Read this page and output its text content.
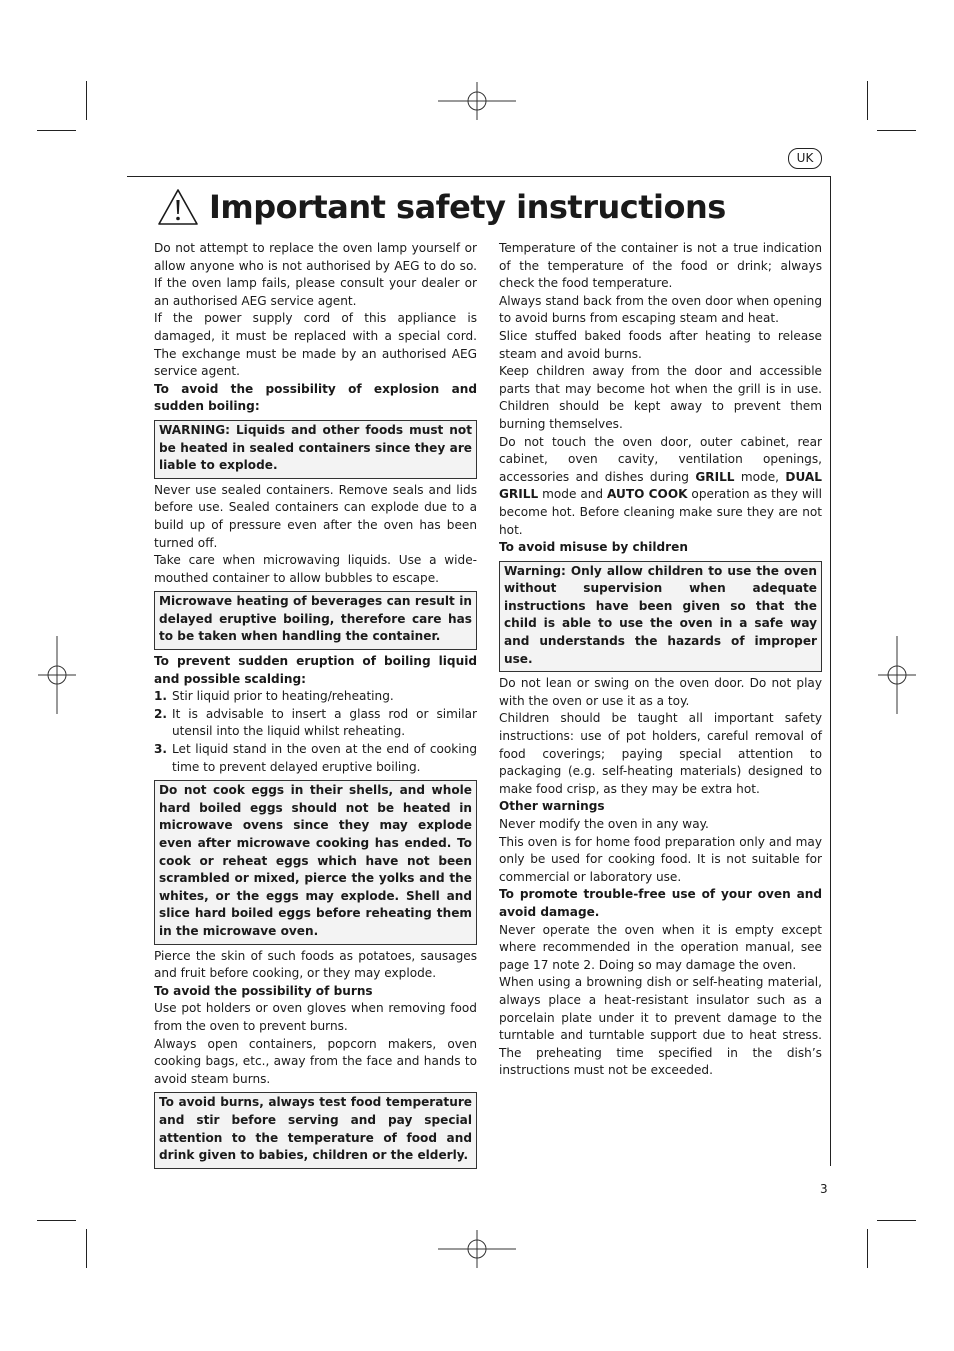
UK
Important safety instructions

Do not attempt to replace the oven lamp yourself or allow anyone who is not authorised by AEG to do so. If the oven lamp fails, please consult your dealer or an authorised AEG service agent.

If the power supply cord of this appliance is damaged, it must be replaced with a special cord. The exchange must be made by an authorised AEG service agent.

To avoid the possibility of explosion and sudden boiling:

WARNING: Liquids and other foods must not be heated in sealed containers since they are liable to explode.

Never use sealed containers. Remove seals and lids before use. Sealed containers can explode due to a build up of pressure even after the oven has been turned off.

Take care when microwaving liquids. Use a wide-mouthed container to allow bubbles to escape.

Microwave heating of beverages can result in delayed eruptive boiling, therefore care has to be taken when handling the container.

To prevent sudden eruption of boiling liquid and possible scalding:

1. Stir liquid prior to heating/reheating.
2. It is advisable to insert a glass rod or similar utensil into the liquid whilst reheating.
3. Let liquid stand in the oven at the end of cooking time to prevent delayed eruptive boiling.
Do not cook eggs in their shells, and whole hard boiled eggs should not be heated in microwave ovens since they may explode even after microwave cooking has ended. To cook or reheat eggs which have not been scrambled or mixed, pierce the yolks and the whites, or the eggs may explode. Shell and slice hard boiled eggs before reheating them in the microwave oven.

Pierce the skin of such foods as potatoes, sausages and fruit before cooking, or they may explode.

To avoid the possibility of burns

Use pot holders or oven gloves when removing food from the oven to prevent burns.

Always open containers, popcorn makers, oven cooking bags, etc., away from the face and hands to avoid steam burns.

To avoid burns, always test food temperature and stir before serving and pay special attention to the temperature of food and drink given to babies, children or the elderly.

Temperature of the container is not a true indication of the temperature of the food or drink; always check the food temperature.

Always stand back from the oven door when opening to avoid burns from escaping steam and heat.

Slice stuffed baked foods after heating to release steam and avoid burns.

Keep children away from the door and accessible parts that may become hot when the grill is in use. Children should be kept away to prevent them burning themselves.

Do not touch the oven door, outer cabinet, rear cabinet, oven cavity, ventilation openings, accessories and dishes during GRILL mode, DUAL GRILL mode and AUTO COOK operation as they will become hot. Before cleaning make sure they are not hot.

To avoid misuse by children

Warning: Only allow children to use the oven without supervision when adequate instructions have been given so that the child is able to use the oven in a safe way and understands the hazards of improper use.

Do not lean or swing on the oven door. Do not play with the oven or use it as a toy.

Children should be taught all important safety instructions: use of pot holders, careful removal of food coverings; paying special attention to packaging (e.g. self-heating materials) designed to make food crisp, as they may be extra hot.

Other warnings

Never modify the oven in any way.

This oven is for home food preparation only and may only be used for cooking food. It is not suitable for commercial or laboratory use.

To promote trouble-free use of your oven and avoid damage.

Never operate the oven when it is empty except where recommended in the operation manual, see page 17 note 2. Doing so may damage the oven.

When using a browning dish or self-heating material, always place a heat-resistant insulator such as a porcelain plate under it to prevent damage to the turntable and turntable support due to heat stress. The preheating time specified in the dish’s instructions must not be exceeded.

3
